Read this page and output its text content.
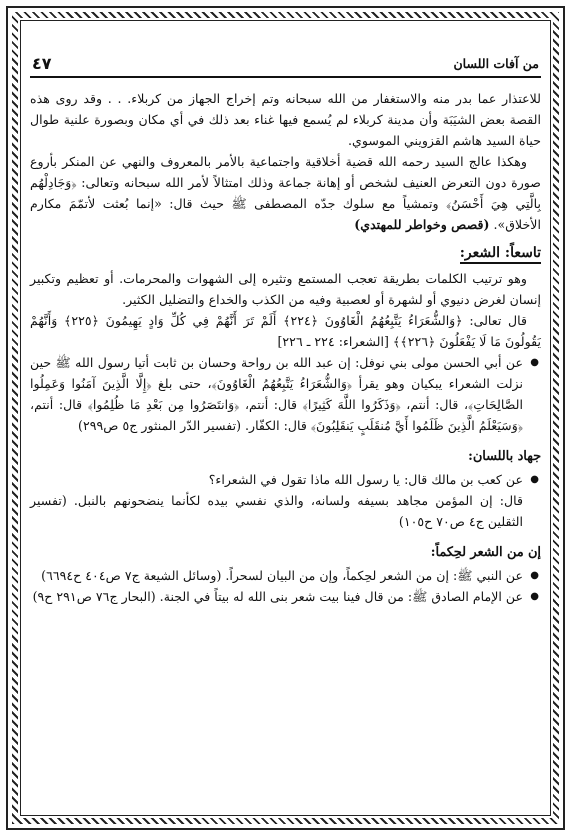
من آفات اللسان
٤٧

للاعتذار عما بدر منه والاستغفار من الله سبحانه وتم إخراج الجهاز من كربلاء. . . وقد روى هذه القصة بعض الشيَبَة وأن مدينة كربلاء لم يُسمع فيها غناء بعد ذلك في أي مكان وبصورة علنية طوال حياة السيد هاشم القزويني الموسوي.

وهكذا عالج السيد رحمه الله قضية أخلاقية واجتماعية بالأمر بالمعروف والنهي عن المنكر بأروع صورة دون التعرض العنيف لشخص أو إهانة جماعة وذلك امتثالاً لأمر الله سبحانه وتعالى: ﴿وَجَادِلْهُم بِالَّتِي هِيَ أَحْسَنُ﴾ وتمشياً مع سلوك جدّه المصطفى ﷺ حيث قال: «إنما بُعثت لأتمّمَ مكارم الأخلاق». (قصص وخواطر للمهتدي)

تاسعاً: الشعر:

وهو ترتيب الكلمات بطريقة تعجب المستمع وتثيره إلى الشهوات والمحرمات. أو تعظيم وتكبير إنسان لغرض دنيوي أو لشهرة أو لعصبية وفيه من الكذب والخداع والتضليل الكثير.

قال تعالى: ﴿وَالشُّعَرَاءُ يَتَّبِعُهُمُ الْغَاوُونَ ﴿٢٢٤﴾ أَلَمْ تَرَ أَنَّهُمْ فِي كُلِّ وَادٍ يَهِيمُونَ ﴿٢٢٥﴾ وَأَنَّهُمْ يَقُولُونَ مَا لَا يَفْعَلُونَ ﴿٢٢٦﴾﴾ [الشعراء: ٢٢٤ ـ ٢٢٦]

● عن أبي الحسن مولى بني نوفل: إن عبد الله بن رواحة وحسان بن ثابت أتيا رسول الله ﷺ حين نزلت الشعراء يبكيان وهو يقرأ ﴿وَالشُّعَرَاءُ يَتَّبِعُهُمُ الْغَاوُونَ﴾، حتى بلغ ﴿إِلَّا الَّذِينَ آمَنُوا وَعَمِلُوا الصَّالِحَاتِ﴾، قال: أنتم، ﴿وَذَكَرُوا اللَّهَ كَثِيرًا﴾ قال: أنتم، ﴿وَانتَصَرُوا مِن بَعْدِ مَا ظُلِمُوا﴾ قال: أنتم، ﴿وَسَيَعْلَمُ الَّذِينَ ظَلَمُوا أَيَّ مُنقَلَبٍ يَنقَلِبُونَ﴾ قال: الكفّار. (تفسير الدّر المنثور ج٥ ص٢٩٩)
جهاد باللسان:
● عن كعب بن مالك قال: يا رسول الله ماذا تقول في الشعراء؟
قال: إن المؤمن مجاهد بسيفه ولسانه، والذي نفسي بيده لكأنما ينضحونهم بالنبل. (تفسير الثقلين ج٤ ص٧٠ ح١٠٥)
إن من الشعر لحِكماً:
● عن النبي ﷺ: إن من الشعر لحِكماً، وإن من البيان لسحراً. (وسائل الشيعة ج٧ ص٤٠٤ ح٦٦٩٤)
● عن الإمام الصادق ﷺ: من قال فينا بيت شعر بنى الله له بيتاً في الجنة. (البحار ج٧٦ ص٢٩١ ح٩)
